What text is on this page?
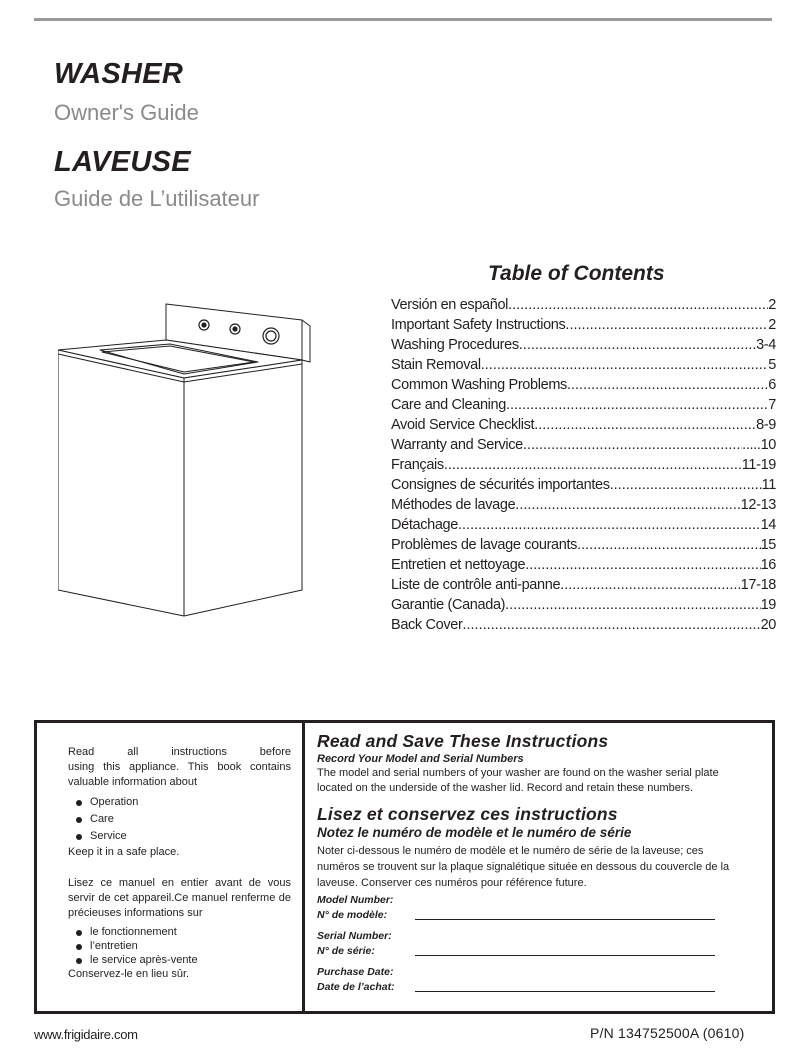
WASHER
Owner's Guide
LAVEUSE
Guide de L’utilisateur
Table of Contents
Versión en español .....	2
Important Safety Instructions .....	2
Washing Procedures .....	3-4
Stain Removal .....	5
Common Washing Problems .....	6
Care and Cleaning .....	7
Avoid Service Checklist .....	8-9
Warranty and Service .....	.....10
Français .....	11-19
Consignes de sécurités importantes .....	11
Méthodes de lavage .....	12-13
Détachage .....	14
Problèmes de lavage courants .....	15
Entretien et nettoyage .....	16
Liste de contrôle anti-panne .....	17-18
Garantie (Canada) .....	19
Back Cover .....	20
Read all instructions before
using this appliance. This book contains valuable information about
Operation
Care
Service
Keep it in a safe place.
Lisez ce manuel en entier avant de vous servir de cet appareil.Ce manuel renferme de précieuses informations sur
le fonctionnement
l’entretien
le service après-vente
Conservez-le en lieu sûr.
Read and Save These Instructions
Record Your Model and Serial Numbers
The model and serial numbers of your washer are found on the washer serial plate located on the underside of the washer lid. Record and retain these numbers.
Lisez et conservez ces instructions
Notez le numéro de modèle et le numéro de série
Noter ci-dessous le numéro de modèle et le numéro de série de la laveuse; ces numéros se trouvent sur la plaque signalétique située en dessous du couvercle de la laveuse. Conserver ces numéros pour référence future.
Model Number:
N° de modèle:
Serial Number:
N° de série:
Purchase Date:
Date de l’achat:
www.frigidaire.com	P/N 134752500A (0610)
